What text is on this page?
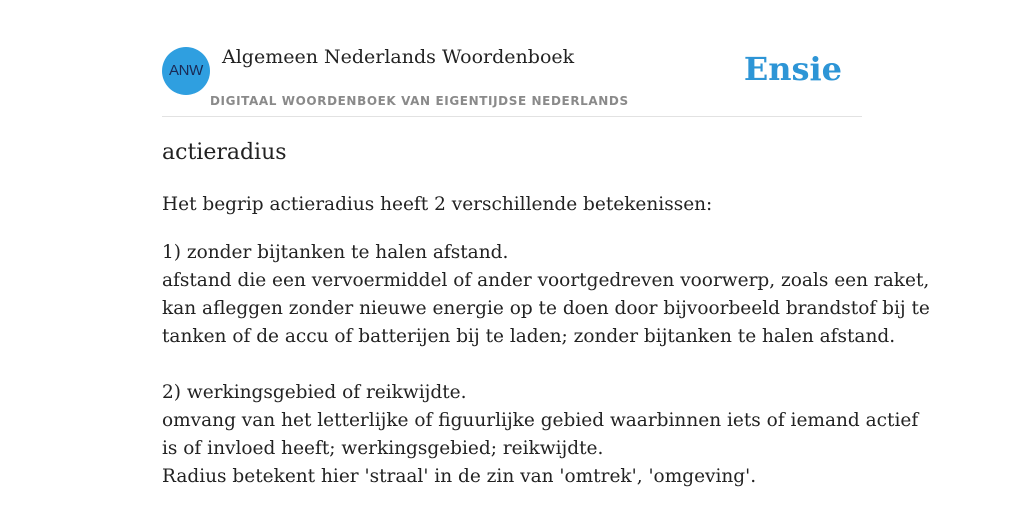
ANW
Algemeen Nederlands Woordenboek
DIGITAAL WOORDENBOEK VAN EIGENTIJDSE NEDERLANDS
Ensie
actieradius
Het begrip actieradius heeft 2 verschillende betekenissen:
1) zonder bijtanken te halen afstand.
afstand die een vervoermiddel of ander voortgedreven voorwerp, zoals een raket,
kan afleggen zonder nieuwe energie op te doen door bijvoorbeeld brandstof bij te
tanken of de accu of batterijen bij te laden; zonder bijtanken te halen afstand.
2) werkingsgebied of reikwijdte.
omvang van het letterlijke of figuurlijke gebied waarbinnen iets of iemand actief
is of invloed heeft; werkingsgebied; reikwijdte.
Radius betekent hier 'straal' in de zin van 'omtrek', 'omgeving'.
